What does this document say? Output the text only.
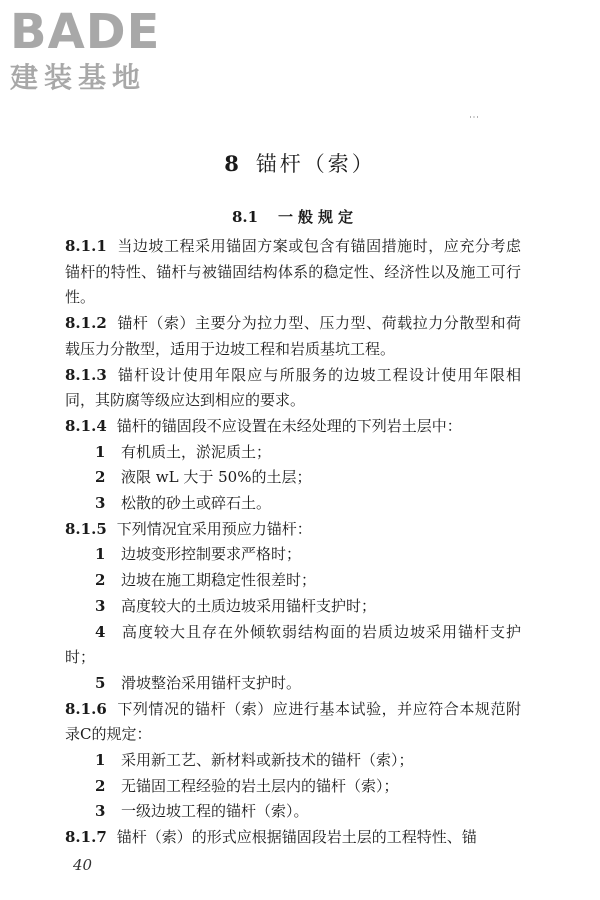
BADE
建装基地
⋮
8 锚杆（索）
8.1 一般规定

8.1.1 当边坡工程采用锚固方案或包含有锚固措施时，应充分考虑锚杆的特性、锚杆与被锚固结构体系的稳定性、经济性以及施工可行性。

8.1.2 锚杆（索）主要分为拉力型、压力型、荷载拉力分散型和荷载压力分散型，适用于边坡工程和岩质基坑工程。

8.1.3 锚杆设计使用年限应与所服务的边坡工程设计使用年限相同，其防腐等级应达到相应的要求。

8.1.4 锚杆的锚固段不应设置在未经处理的下列岩土层中：

1 有机质土，淤泥质土；

2 液限 wL 大于 50%的土层；

3 松散的砂土或碎石土。

8.1.5 下列情况宜采用预应力锚杆：

1 边坡变形控制要求严格时；

2 边坡在施工期稳定性很差时；

3 高度较大的土质边坡采用锚杆支护时；

4 高度较大且存在外倾软弱结构面的岩质边坡采用锚杆支护时；

5 滑坡整治采用锚杆支护时。

8.1.6 下列情况的锚杆（索）应进行基本试验，并应符合本规范附录C的规定：

1 采用新工艺、新材料或新技术的锚杆（索）；

2 无锚固工程经验的岩土层内的锚杆（索）；

3 一级边坡工程的锚杆（索）。

8.1.7 锚杆（索）的形式应根据锚固段岩土层的工程特性、锚

40
